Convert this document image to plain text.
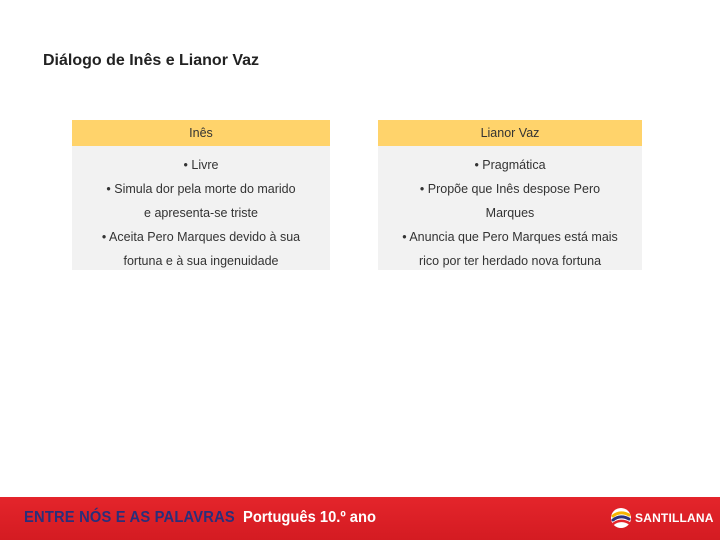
Diálogo de Inês e Lianor Vaz
Inês
• Livre
• Simula dor pela morte do marido
e apresenta-se triste
• Aceita Pero Marques devido à sua
fortuna e à sua ingenuidade
Lianor Vaz
• Pragmática
• Propõe que Inês despose Pero
Marques
• Anuncia que Pero Marques está mais
rico por ter herdado nova fortuna
ENTRE NÓS E AS PALAVRAS Português 10.º ano	SANTILLANA
